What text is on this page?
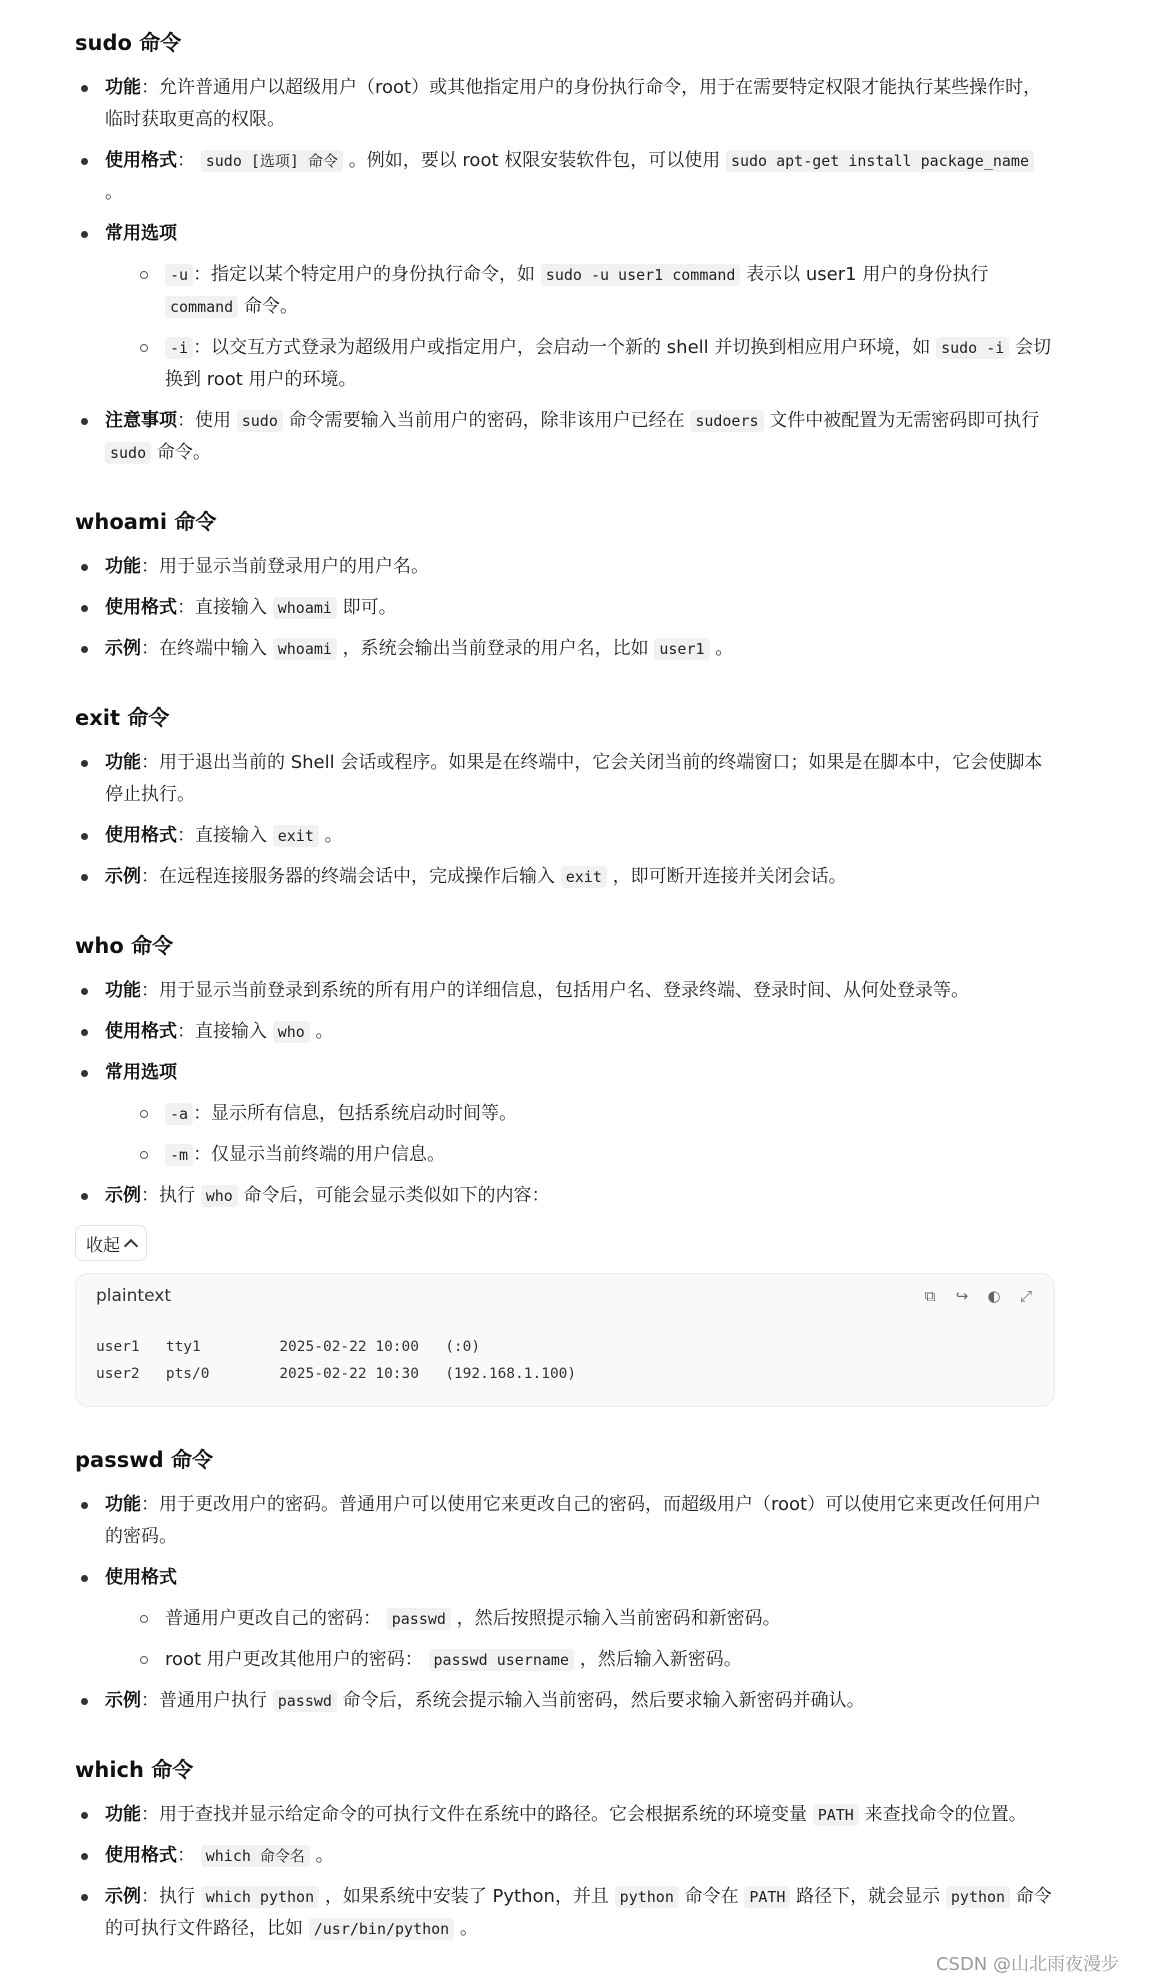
sudo 命令
功能：允许普通用户以超级用户（root）或其他指定用户的身份执行命令，用于在需要特定权限才能执行某些操作时，临时获取更高的权限。
使用格式： sudo [选项] 命令 。例如，要以 root 权限安装软件包，可以使用 sudo apt-get install package_name 。
常用选项
-u ：指定以某个特定用户的身份执行命令，如 sudo -u user1 command 表示以 user1 用户的身份执行 command 命令。
-i ：以交互方式登录为超级用户或指定用户，会启动一个新的 shell 并切换到相应用户环境，如 sudo -i 会切换到 root 用户的环境。
注意事项：使用 sudo 命令需要输入当前用户的密码，除非该用户已经在 sudoers 文件中被配置为无需密码即可执行 sudo 命令。
whoami 命令
功能：用于显示当前登录用户的用户名。
使用格式：直接输入 whoami 即可。
示例：在终端中输入 whoami ，系统会输出当前登录的用户名，比如 user1 。
exit 命令
功能：用于退出当前的 Shell 会话或程序。如果是在终端中，它会关闭当前的终端窗口；如果是在脚本中，它会使脚本停止执行。
使用格式：直接输入 exit 。
示例：在远程连接服务器的终端会话中，完成操作后输入 exit ，即可断开连接并关闭会话。
who 命令
功能：用于显示当前登录到系统的所有用户的详细信息，包括用户名、登录终端、登录时间、从何处登录等。
使用格式：直接输入 who 。
常用选项
-a ：显示所有信息，包括系统启动时间等。
-m ：仅显示当前终端的用户信息。
示例：执行 who 命令后，可能会显示类似如下的内容：
收起
plaintext	⧉ ↪ ◐ ⤢
user1   tty1         2025-02-22 10:00   (:0)
user2   pts/0        2025-02-22 10:30   (192.168.1.100)
passwd 命令
功能：用于更改用户的密码。普通用户可以使用它来更改自己的密码，而超级用户（root）可以使用它来更改任何用户的密码。
使用格式
普通用户更改自己的密码： passwd ，然后按照提示输入当前密码和新密码。
root 用户更改其他用户的密码： passwd username ，然后输入新密码。
示例：普通用户执行 passwd 命令后，系统会提示输入当前密码，然后要求输入新密码并确认。
which 命令
功能：用于查找并显示给定命令的可执行文件在系统中的路径。它会根据系统的环境变量 PATH 来查找命令的位置。
使用格式： which 命令名 。
示例：执行 which python ，如果系统中安装了 Python，并且 python 命令在 PATH 路径下，就会显示 python 命令的可执行文件路径，比如 /usr/bin/python 。
CSDN @山北雨夜漫步
